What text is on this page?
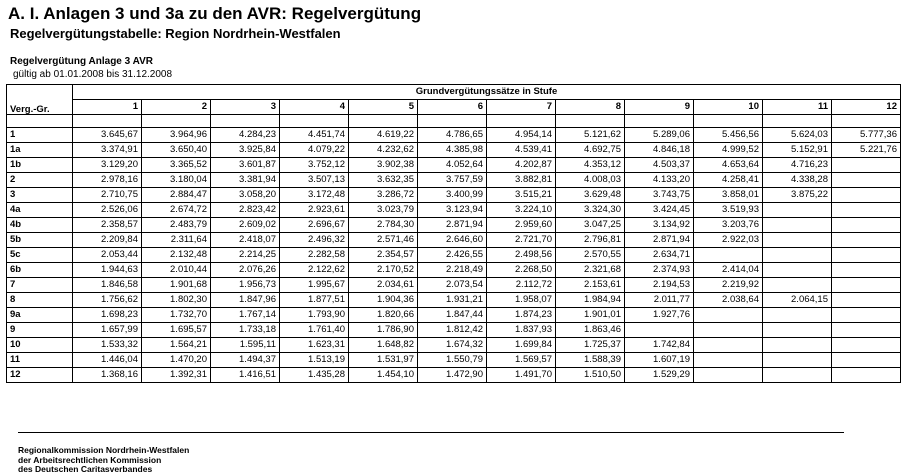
A. I. Anlagen 3 und 3a zu den AVR: Regelvergütung
Regelvergütungstabelle: Region Nordrhein-Westfalen
Regelvergütung Anlage 3 AVR
gültig ab 01.01.2008 bis 31.12.2008
Verg.-Gr.	Grundvergütungssätze in Stufe											
	1	2	3	4	5	6	7	8	9	10	11	12

1	3.645,67	3.964,96	4.284,23	4.451,74	4.619,22	4.786,65	4.954,14	5.121,62	5.289,06	5.456,56	5.624,03	5.777,36
1a	3.374,91	3.650,40	3.925,84	4.079,22	4.232,62	4.385,98	4.539,41	4.692,75	4.846,18	4.999,52	5.152,91	5.221,76
1b	3.129,20	3.365,52	3.601,87	3.752,12	3.902,38	4.052,64	4.202,87	4.353,12	4.503,37	4.653,64	4.716,23	
2	2.978,16	3.180,04	3.381,94	3.507,13	3.632,35	3.757,59	3.882,81	4.008,03	4.133,20	4.258,41	4.338,28	
3	2.710,75	2.884,47	3.058,20	3.172,48	3.286,72	3.400,99	3.515,21	3.629,48	3.743,75	3.858,01	3.875,22	
4a	2.526,06	2.674,72	2.823,42	2.923,61	3.023,79	3.123,94	3.224,10	3.324,30	3.424,45	3.519,93		
4b	2.358,57	2.483,79	2.609,02	2.696,67	2.784,30	2.871,94	2.959,60	3.047,25	3.134,92	3.203,76		
5b	2.209,84	2.311,64	2.418,07	2.496,32	2.571,46	2.646,60	2.721,70	2.796,81	2.871,94	2.922,03		
5c	2.053,44	2.132,48	2.214,25	2.282,58	2.354,57	2.426,55	2.498,56	2.570,55	2.634,71			
6b	1.944,63	2.010,44	2.076,26	2.122,62	2.170,52	2.218,49	2.268,50	2.321,68	2.374,93	2.414,04		
7	1.846,58	1.901,68	1.956,73	1.995,67	2.034,61	2.073,54	2.112,72	2.153,61	2.194,53	2.219,92		
8	1.756,62	1.802,30	1.847,96	1.877,51	1.904,36	1.931,21	1.958,07	1.984,94	2.011,77	2.038,64	2.064,15	
9a	1.698,23	1.732,70	1.767,14	1.793,90	1.820,66	1.847,44	1.874,23	1.901,01	1.927,76			
9	1.657,99	1.695,57	1.733,18	1.761,40	1.786,90	1.812,42	1.837,93	1.863,46				
10	1.533,32	1.564,21	1.595,11	1.623,31	1.648,82	1.674,32	1.699,84	1.725,37	1.742,84			
11	1.446,04	1.470,20	1.494,37	1.513,19	1.531,97	1.550,79	1.569,57	1.588,39	1.607,19			
12	1.368,16	1.392,31	1.416,51	1.435,28	1.454,10	1.472,90	1.491,70	1.510,50	1.529,29			
Regionalkommission Nordrhein-Westfalen
der Arbeitsrechtlichen Kommission
des Deutschen Caritasverbandes
